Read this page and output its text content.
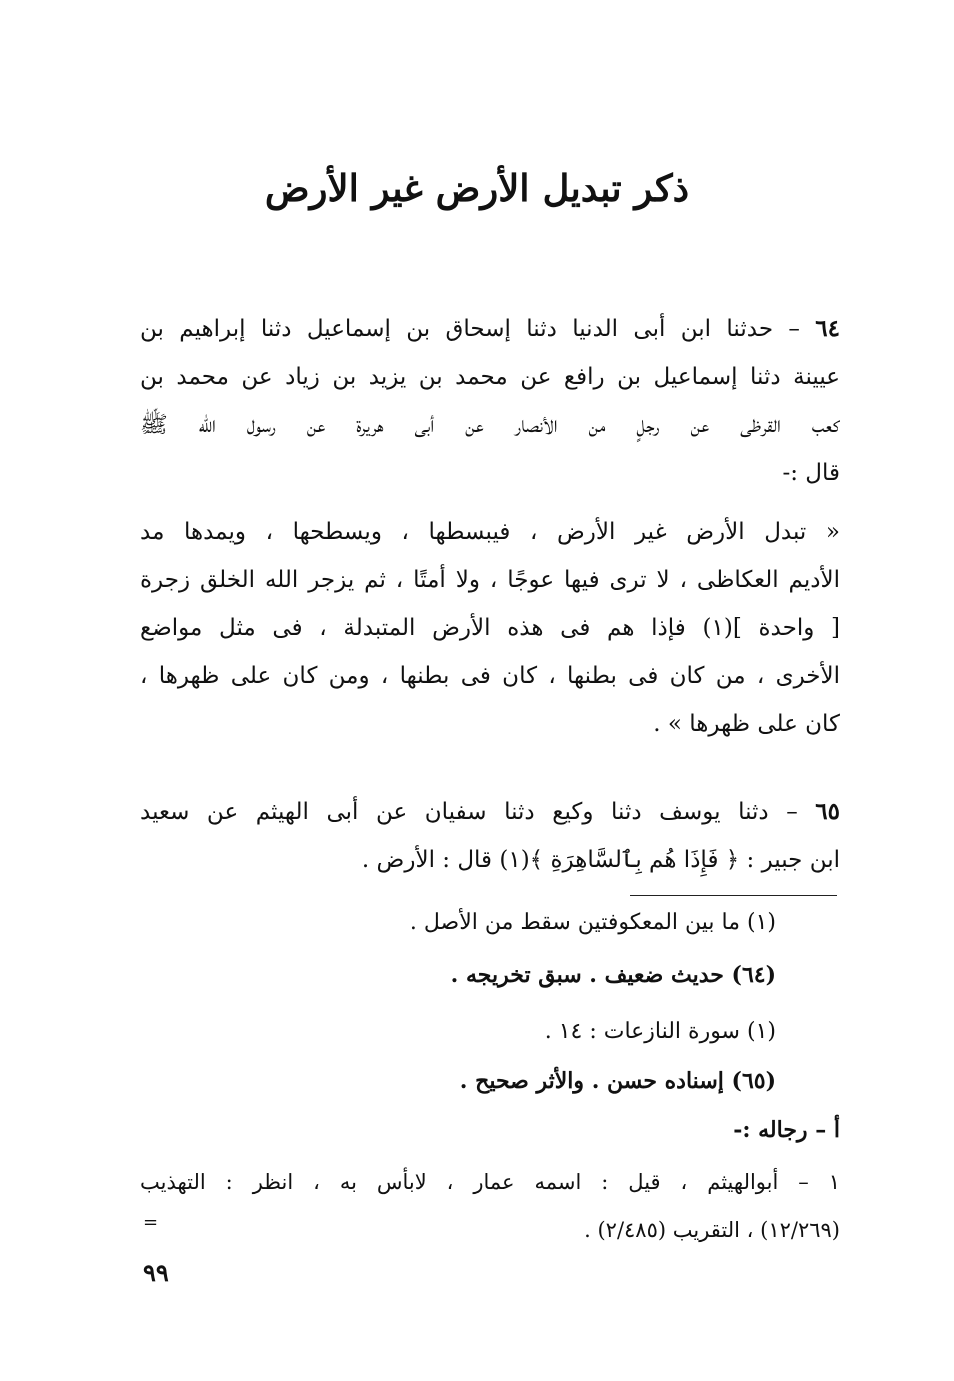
ذكر تبديل الأرض غير الأرض
٦٤ – حدثنا ابن أبى الدنيا دثنا إسحاق بن إسماعيل دثنا إبراهيم بن
عيينة دثنا إسماعيل بن رافع عن محمد بن يزيد بن زياد عن محمد بن
كعب القرظى عن رجلٍ من الأنصار عن أبى هريرة عن رسول الله ﷺ
قال :-
« تبدل الأرض غير الأرض ، فيبسطها ، ويسطحها ، ويمدها مد
الأديم العكاظى ، لا ترى فيها عوجًا ، ولا أمتًا ، ثم يزجر الله الخلق زجرة
[ واحدة ](١) فإذا هم فى هذه الأرض المتبدلة ، فى مثل مواضع
الأخرى ، من كان فى بطنها ، كان فى بطنها ، ومن كان على ظهرها ،
كان على ظهرها » .
٦٥ – دثنا يوسف دثنا وكيع دثنا سفيان عن أبى الهيثم عن سعيد
ابن جبير : ﴿ فَإِذَا هُم بِٱلسَّاهِرَةِ ﴾(١) قال : الأرض .
(١) ما بين المعكوفتين سقط من الأصل .
(٦٤) حديث ضعيف . سبق تخريجه .
(١) سورة النازعات : ١٤ .
(٦٥) إسناده حسن . والأثر صحيح .
أ – رجاله :-
١ – أبوالهيثم ، قيل : اسمه عمار ، لابأس به ، انظر : التهذيب
(١٢/٢٦٩) ، التقريب (٢/٤٨٥) .
=
٩٩
